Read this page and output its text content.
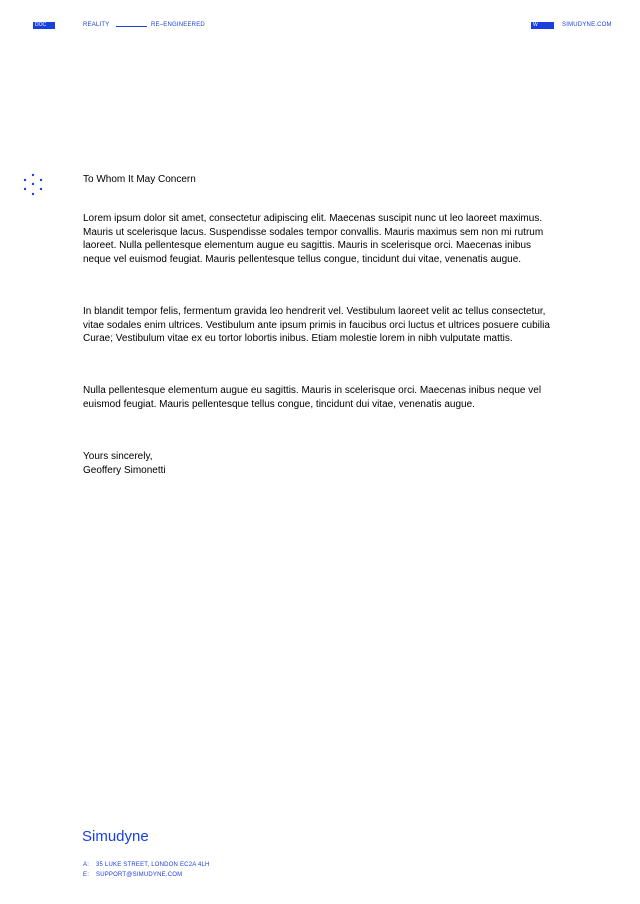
DOC	REALITY	RE–ENGINEERED	W	SIMUDYNE.COM
To Whom It May Concern
Lorem ipsum dolor sit amet, consectetur adipiscing elit. Maecenas suscipit nunc ut leo laoreet maximus. Mauris ut scelerisque lacus. Suspendisse sodales tempor convallis. Mauris maximus sem non mi rutrum laoreet. Nulla pellentesque elementum augue eu sagittis. Mauris in scelerisque orci. Maecenas inibus neque vel euismod feugiat. Mauris pellentesque tellus congue, tincidunt dui vitae, venenatis augue.
In blandit tempor felis, fermentum gravida leo hendrerit vel. Vestibulum laoreet velit ac tellus consectetur, vitae sodales enim ultrices. Vestibulum ante ipsum primis in faucibus orci luctus et ultrices posuere cubilia Curae; Vestibulum vitae ex eu tortor lobortis inibus. Etiam molestie lorem in nibh vulputate mattis.
Nulla pellentesque elementum augue eu sagittis. Mauris in scelerisque orci. Maecenas inibus neque vel euismod feugiat. Mauris pellentesque tellus congue, tincidunt dui vitae, venenatis augue.
Yours sincerely,
Geoffery Simonetti
Simudyne
A: 35 LUKE STREET, LONDON EC2A 4LH
E: SUPPORT@SIMUDYNE.COM
